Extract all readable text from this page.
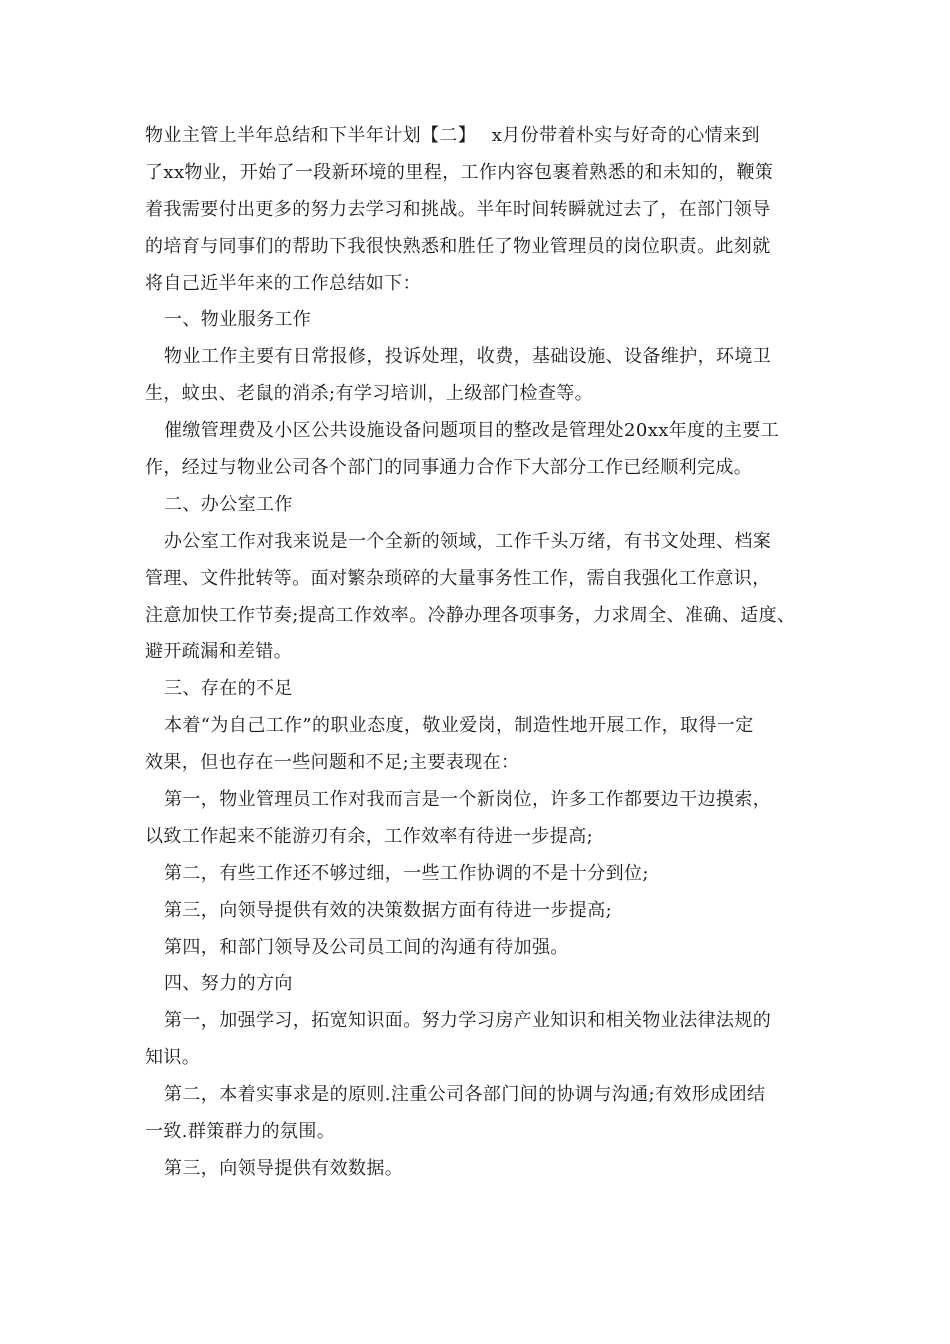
物业主管上半年总结和下半年计划【二】　 x月份带着朴实与好奇的心情来到
了xx物业，开始了一段新环境的里程，工作内容包裹着熟悉的和未知的，鞭策
着我需要付出更多的努力去学习和挑战。半年时间转瞬就过去了，在部门领导
的培育与同事们的帮助下我很快熟悉和胜任了物业管理员的岗位职责。此刻就
将自己近半年来的工作总结如下：
一、物业服务工作
物业工作主要有日常报修，投诉处理，收费，基础设施、设备维护，环境卫
生，蚊虫、老鼠的消杀;有学习培训，上级部门检查等。
催缴管理费及小区公共设施设备问题项目的整改是管理处20xx年度的主要工
作，经过与物业公司各个部门的同事通力合作下大部分工作已经顺利完成。
二、办公室工作
办公室工作对我来说是一个全新的领域，工作千头万绪，有书文处理、档案
管理、文件批转等。面对繁杂琐碎的大量事务性工作，需自我强化工作意识，
注意加快工作节奏;提高工作效率。冷静办理各项事务，力求周全、准确、适度、
避开疏漏和差错。
三、存在的不足
本着“为自己工作”的职业态度，敬业爱岗，制造性地开展工作，取得一定
效果，但也存在一些问题和不足;主要表现在：
第一，物业管理员工作对我而言是一个新岗位，许多工作都要边干边摸索，
以致工作起来不能游刃有余，工作效率有待进一步提高;
第二，有些工作还不够过细，一些工作协调的不是十分到位;
第三，向领导提供有效的决策数据方面有待进一步提高;
第四，和部门领导及公司员工间的沟通有待加强。
四、努力的方向
第一，加强学习，拓宽知识面。努力学习房产业知识和相关物业法律法规的
知识。
第二，本着实事求是的原则.注重公司各部门间的协调与沟通;有效形成团结
一致.群策群力的氛围。
第三，向领导提供有效数据。
